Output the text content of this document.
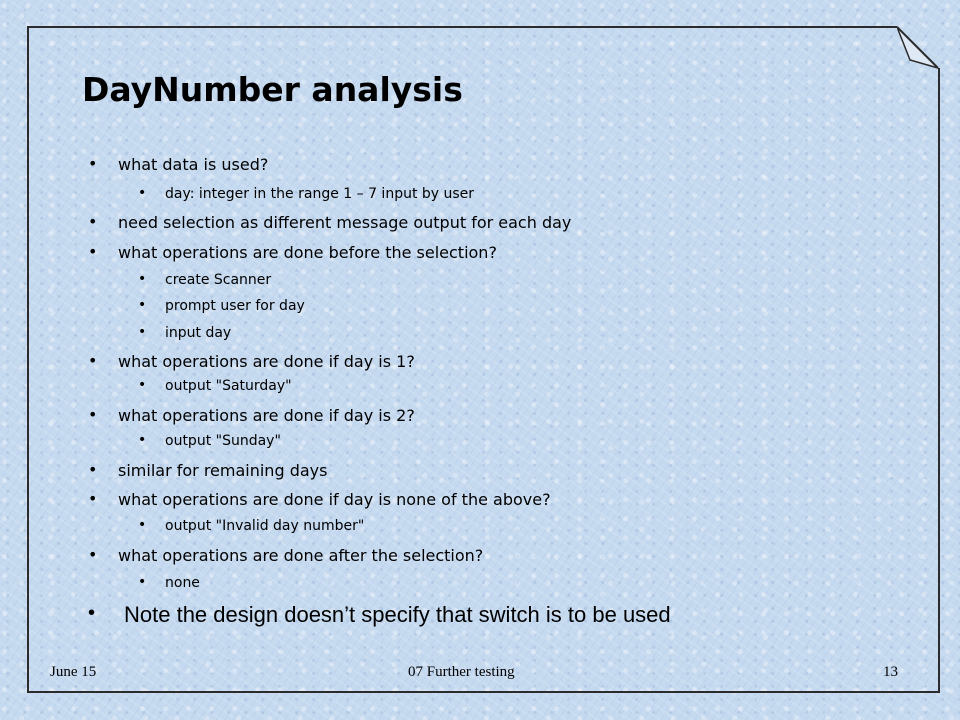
DayNumber analysis
• what data is used?
• day: integer in the range 1 – 7 input by user
• need selection as different message output for each day
• what operations are done before the selection?
• create Scanner
• prompt user for day
• input day
• what operations are done if day is 1?
• output "Saturday"
• what operations are done if day is 2?
• output "Sunday"
• similar for remaining days
• what operations are done if day is none of the above?
• output "Invalid day number"
• what operations are done after the selection?
• none
• Note the design doesn’t specify that switch is to be used
June 15	07 Further testing	13
